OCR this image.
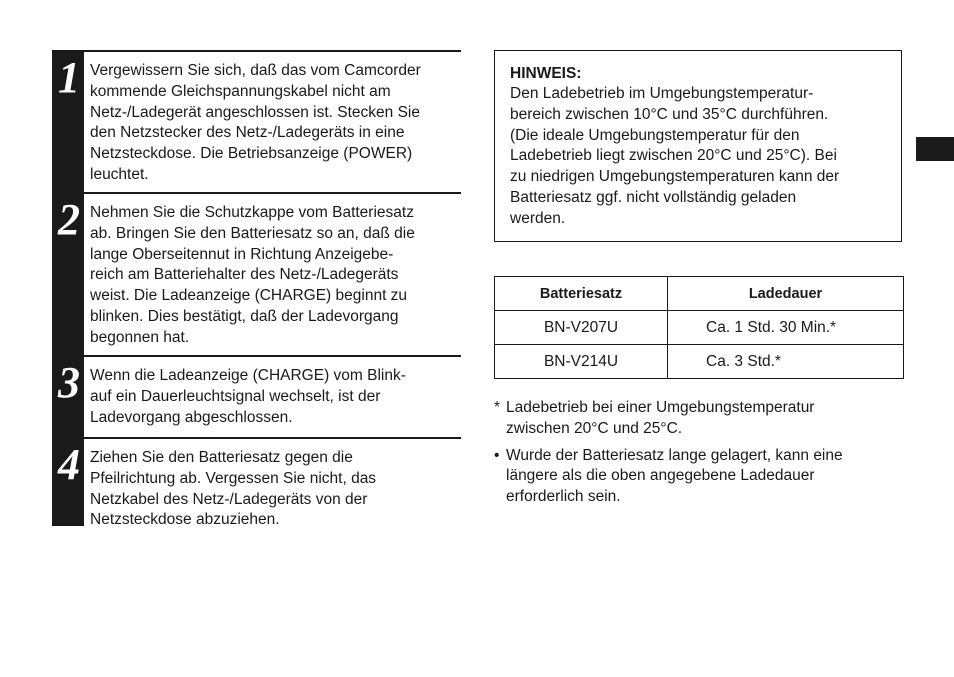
1 Vergewissern Sie sich, daß das vom Camcorder
kommende Gleichspannungskabel nicht am
Netz-/Ladegerät angeschlossen ist. Stecken Sie
den Netzstecker des Netz-/Ladegeräts in eine
Netzsteckdose. Die Betriebsanzeige (POWER)
leuchtet.
2 Nehmen Sie die Schutzkappe vom Batteriesatz
ab. Bringen Sie den Batteriesatz so an, daß die
lange Oberseitennut in Richtung Anzeigebe-
reich am Batteriehalter des Netz-/Ladegeräts
weist. Die Ladeanzeige (CHARGE) beginnt zu
blinken. Dies bestätigt, daß der Ladevorgang
begonnen hat.
3 Wenn die Ladeanzeige (CHARGE) vom Blink-
auf ein Dauerleuchtsignal wechselt, ist der
Ladevorgang abgeschlossen.
4 Ziehen Sie den Batteriesatz gegen die
Pfeilrichtung ab. Vergessen Sie nicht, das
Netzkabel des Netz-/Ladegeräts von der
Netzsteckdose abzuziehen.
HINWEIS:
Den Ladebetrieb im Umgebungstemperatur-
bereich zwischen 10°C und 35°C durchführen.
(Die ideale Umgebungstemperatur für den
Ladebetrieb liegt zwischen 20°C und 25°C). Bei
zu niedrigen Umgebungstemperaturen kann der
Batteriesatz ggf. nicht vollständig geladen
werden.
Batteriesatz	Ladedauer
BN-V207U	Ca. 1 Std. 30 Min.*
BN-V214U	Ca. 3 Std.*
* Ladebetrieb bei einer Umgebungstemperatur
zwischen 20°C und 25°C.
• Wurde der Batteriesatz lange gelagert, kann eine
längere als die oben angegebene Ladedauer
erforderlich sein.
